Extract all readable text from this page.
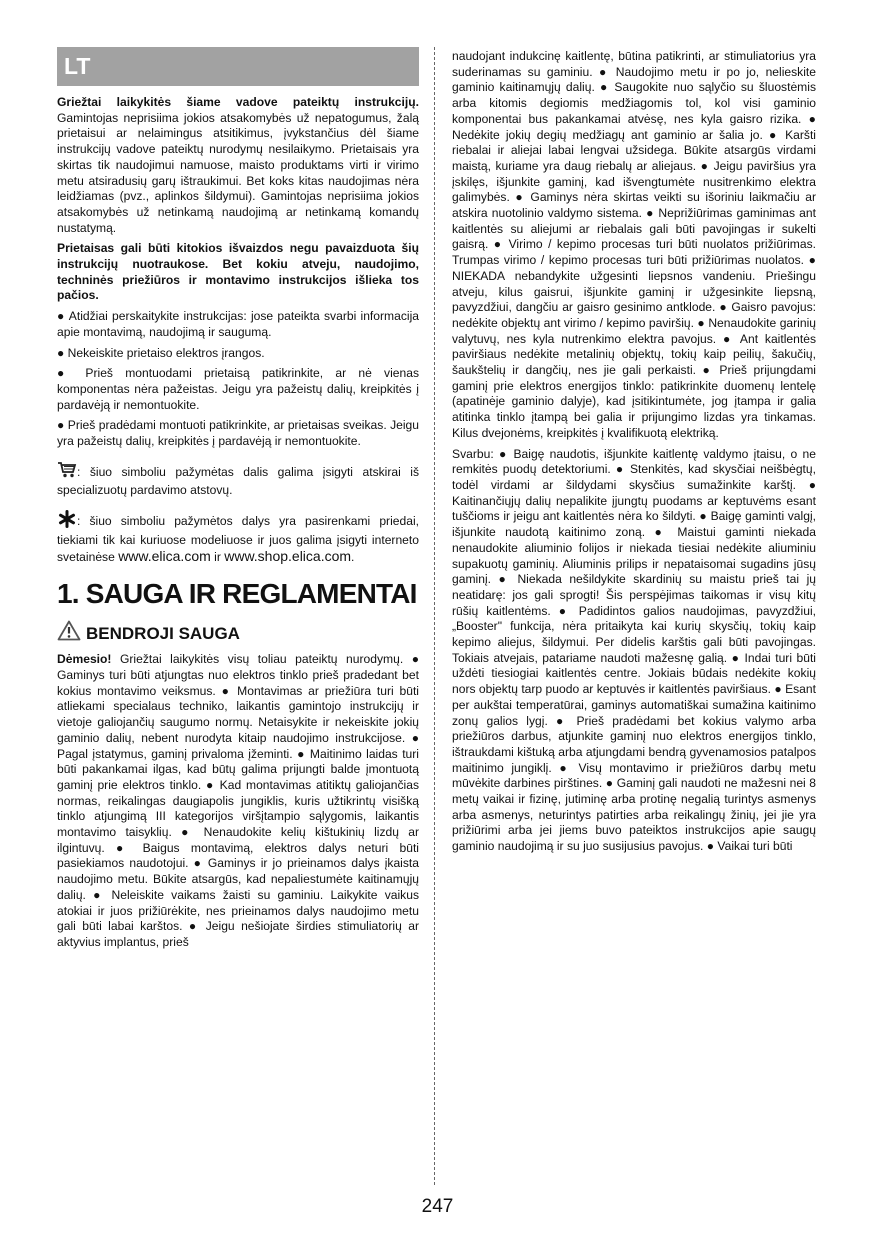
LT

Griežtai laikykitės šiame vadove pateiktų instrukcijų. Gamintojas neprisiima jokios atsakomybės už nepatogumus, žalą prietaisui ar nelaimingus atsitikimus, įvykstančius dėl šiame instrukcijų vadove pateiktų nurodymų nesilaikymo. Prietaisais yra skirtas tik naudojimui namuose, maisto produktams virti ir virimo metu atsiradusių garų ištraukimui. Bet koks kitas naudojimas nėra leidžiamas (pvz., aplinkos šildymui). Gamintojas neprisiima jokios atsakomybės už netinkamą naudojimą ar netinkamą komandų nustatymą.

Prietaisas gali būti kitokios išvaizdos negu pavaizduota šių instrukcijų nuotraukose. Bet kokiu atveju, naudojimo, techninės priežiūros ir montavimo instrukcijos išlieka tos pačios.

● Atidžiai perskaitykite instrukcijas: jose pateikta svarbi informacija apie montavimą, naudojimą ir saugumą.

● Nekeiskite prietaiso elektros įrangos.

● Prieš montuodami prietaisą patikrinkite, ar nė vienas komponentas nėra pažeistas. Jeigu yra pažeistų dalių, kreipkitės į pardavėją ir nemontuokite.

● Prieš pradėdami montuoti patikrinkite, ar prietaisas sveikas. Jeigu yra pažeistų dalių, kreipkitės į pardavėją ir nemontuokite.

: šiuo simboliu pažymėtas dalis galima įsigyti atskirai iš specializuotų pardavimo atstovų.

: šiuo simboliu pažymėtos dalys yra pasirenkami priedai, tiekiami tik kai kuriuose modeliuose ir juos galima įsigyti interneto svetainėse www.elica.com ir www.shop.elica.com.

1. SAUGA IR REGLAMENTAI
BENDROJI SAUGA

Dėmesio! Griežtai laikykitės visų toliau pateiktų nurodymų. ● Gaminys turi būti atjungtas nuo elektros tinklo prieš pradedant bet kokius montavimo veiksmus. ● Montavimas ar priežiūra turi būti atliekami specialaus techniko, laikantis gamintojo instrukcijų ir vietoje galiojančių saugumo normų. Netaisykite ir nekeiskite jokių gaminio dalių, nebent nurodyta kitaip naudojimo instrukcijose. ● Pagal įstatymus, gaminį privaloma įžeminti. ● Maitinimo laidas turi būti pakankamai ilgas, kad būtų galima prijungti balde įmontuotą gaminį prie elektros tinklo. ● Kad montavimas atitiktų galiojančias normas, reikalingas daugiapolis jungiklis, kuris užtikrintų visišką tinklo atjungimą III kategorijos viršįtampio sąlygomis, laikantis montavimo taisyklių. ● Nenaudokite kelių kištukinių lizdų ar ilgintuvų. ● Baigus montavimą, elektros dalys neturi būti pasiekiamos naudotojui. ● Gaminys ir jo prieinamos dalys įkaista naudojimo metu. Būkite atsargūs, kad nepaliestumėte kaitinamųjų dalių. ● Neleiskite vaikams žaisti su gaminiu. Laikykite vaikus atokiai ir juos prižiūrėkite, nes prieinamos dalys naudojimo metu gali būti labai karštos. ● Jeigu nešiojate širdies stimuliatorių ar aktyvius implantus, prieš

naudojant indukcinę kaitlentę, būtina patikrinti, ar stimuliatorius yra suderinamas su gaminiu. ● Naudojimo metu ir po jo, nelieskite gaminio kaitinamųjų dalių. ● Saugokite nuo sąlyčio su šluostėmis arba kitomis degiomis medžiagomis tol, kol visi gaminio komponentai bus pakankamai atvėsę, nes kyla gaisro rizika. ● Nedėkite jokių degių medžiagų ant gaminio ar šalia jo. ● Karšti riebalai ir aliejai labai lengvai užsidega. Būkite atsargūs virdami maistą, kuriame yra daug riebalų ar aliejaus. ● Jeigu paviršius yra įskilęs, išjunkite gaminį, kad išvengtumėte nusitrenkimo elektra galimybės. ● Gaminys nėra skirtas veikti su išoriniu laikmačiu ar atskira nuotolinio valdymo sistema. ● Neprižiūrimas gaminimas ant kaitlentės su aliejumi ar riebalais gali būti pavojingas ir sukelti gaisrą. ● Virimo / kepimo procesas turi būti nuolatos prižiūrimas. Trumpas virimo / kepimo procesas turi būti prižiūrimas nuolatos. ● NIEKADA nebandykite užgesinti liepsnos vandeniu. Priešingu atveju, kilus gaisrui, išjunkite gaminį ir užgesinkite liepsną, pavyzdžiui, dangčiu ar gaisro gesinimo antklode. ● Gaisro pavojus: nedėkite objektų ant virimo / kepimo paviršių. ● Nenaudokite garinių valytuvų, nes kyla nutrenkimo elektra pavojus. ● Ant kaitlentės paviršiaus nedėkite metalinių objektų, tokių kaip peilių, šakučių, šaukštelių ir dangčių, nes jie gali perkaisti. ● Prieš prijungdami gaminį prie elektros energijos tinklo: patikrinkite duomenų lentelę (apatinėje gaminio dalyje), kad įsitikintumėte, jog įtampa ir galia atitinka tinklo įtampą bei galia ir prijungimo lizdas yra tinkamas. Kilus dvejonėms, kreipkitės į kvalifikuotą elektriką.

Svarbu: ● Baigę naudotis, išjunkite kaitlentę valdymo įtaisu, o ne remkitės puodų detektoriumi. ● Stenkitės, kad skysčiai neišbėgtų, todėl virdami ar šildydami skysčius sumažinkite karštį. ● Kaitinančiųjų dalių nepalikite įjungtų puodams ar keptuvėms esant tuščioms ir jeigu ant kaitlentės nėra ko šildyti. ● Baigę gaminti valgį, išjunkite naudotą kaitinimo zoną. ● Maistui gaminti niekada nenaudokite aliuminio folijos ir niekada tiesiai nedėkite aliuminiu supakuotų gaminių. Aliuminis prilips ir nepataisomai sugadins jūsų gaminį. ● Niekada nešildykite skardinių su maistu prieš tai jų neatidarę: jos gali sprogti! Šis perspėjimas taikomas ir visų kitų rūšių kaitlentėms. ● Padidintos galios naudojimas, pavyzdžiui, „Booster" funkcija, nėra pritaikyta kai kurių skysčių, tokių kaip kepimo aliejus, šildymui. Per didelis karštis gali būti pavojingas. Tokiais atvejais, patariame naudoti mažesnę galią. ● Indai turi būti uždėti tiesiogiai kaitlentės centre. Jokiais būdais nedėkite kokių nors objektų tarp puodo ar keptuvės ir kaitlentės paviršiaus. ● Esant per aukštai temperatūrai, gaminys automatiškai sumažina kaitinimo zonų galios lygį. ● Prieš pradėdami bet kokius valymo arba priežiūros darbus, atjunkite gaminį nuo elektros energijos tinklo, ištraukdami kištuką arba atjungdami bendrą gyvenamosios patalpos maitinimo jungiklį. ● Visų montavimo ir priežiūros darbų metu mūvėkite darbines pirštines. ● Gaminį gali naudoti ne mažesni nei 8 metų vaikai ir fizinę, jutiminę arba protinę negalią turintys asmenys arba asmenys, neturintys patirties arba reikalingų žinių, jei jie yra prižiūrimi arba jei jiems buvo pateiktos instrukcijos apie saugų gaminio naudojimą ir su juo susijusius pavojus. ● Vaikai turi būti

247
